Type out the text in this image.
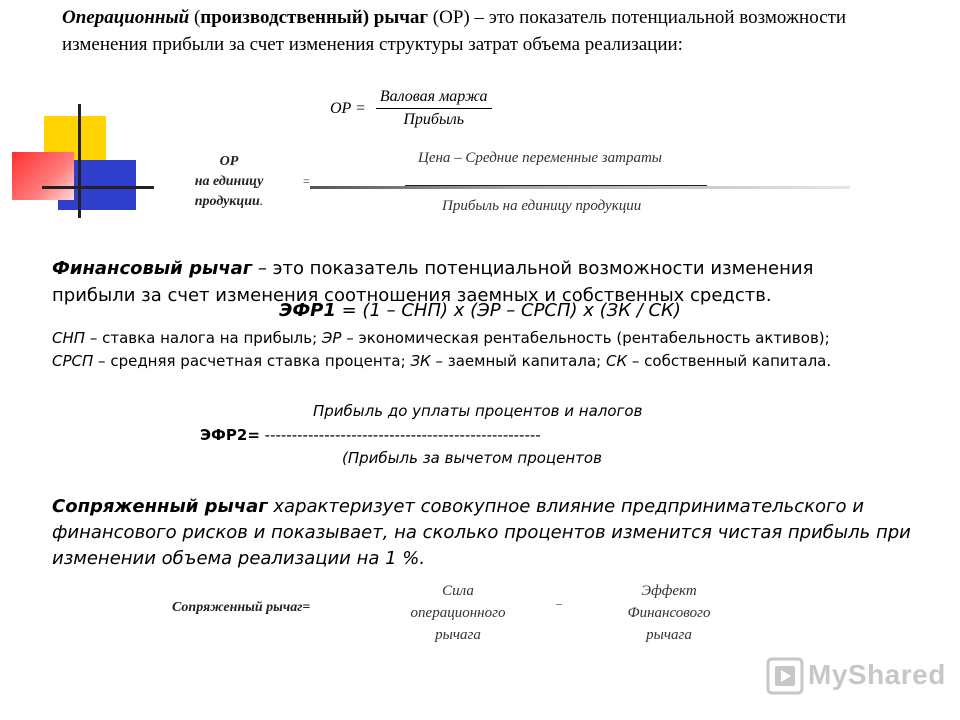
Операционный (производственный) рычаг (ОР) – это показатель потенциальной возможности изменения прибыли за счет изменения структуры затрат объема реализации:
OP = $\frac{\text{Валовая маржа}}{\text{Прибыль}}$
ОР
на единицу
продукции.
=
Цена – Средние переменные затраты
Прибыль на единицу продукции
Финансовый рычаг – это показатель потенциальной возможности изменения прибыли за счет изменения соотношения заемных и собственных средств.
ЭФР1 = (1 – СНП) х (ЭР – СРСП) х (ЗК / СК)
СНП – ставка налога на прибыль; ЭР – экономическая рентабельность (рентабельность активов);
СРСП – средняя расчетная ставка процента; ЗК – заемный капитала; СК – собственный капитала.
Прибыль до уплаты процентов и налогов
ЭФР2= ---------------------------------------------------
(Прибыль за вычетом процентов
Сопряженный рычаг характеризует совокупное влияние предпринимательского и финансового рисков и показывает, на сколько процентов изменится чистая прибыль при изменении объема реализации на 1 %.
Сопряженный рычаг=
Сила
операционного
рычага
–
Эффект
Финансового
рычага
MyShared
